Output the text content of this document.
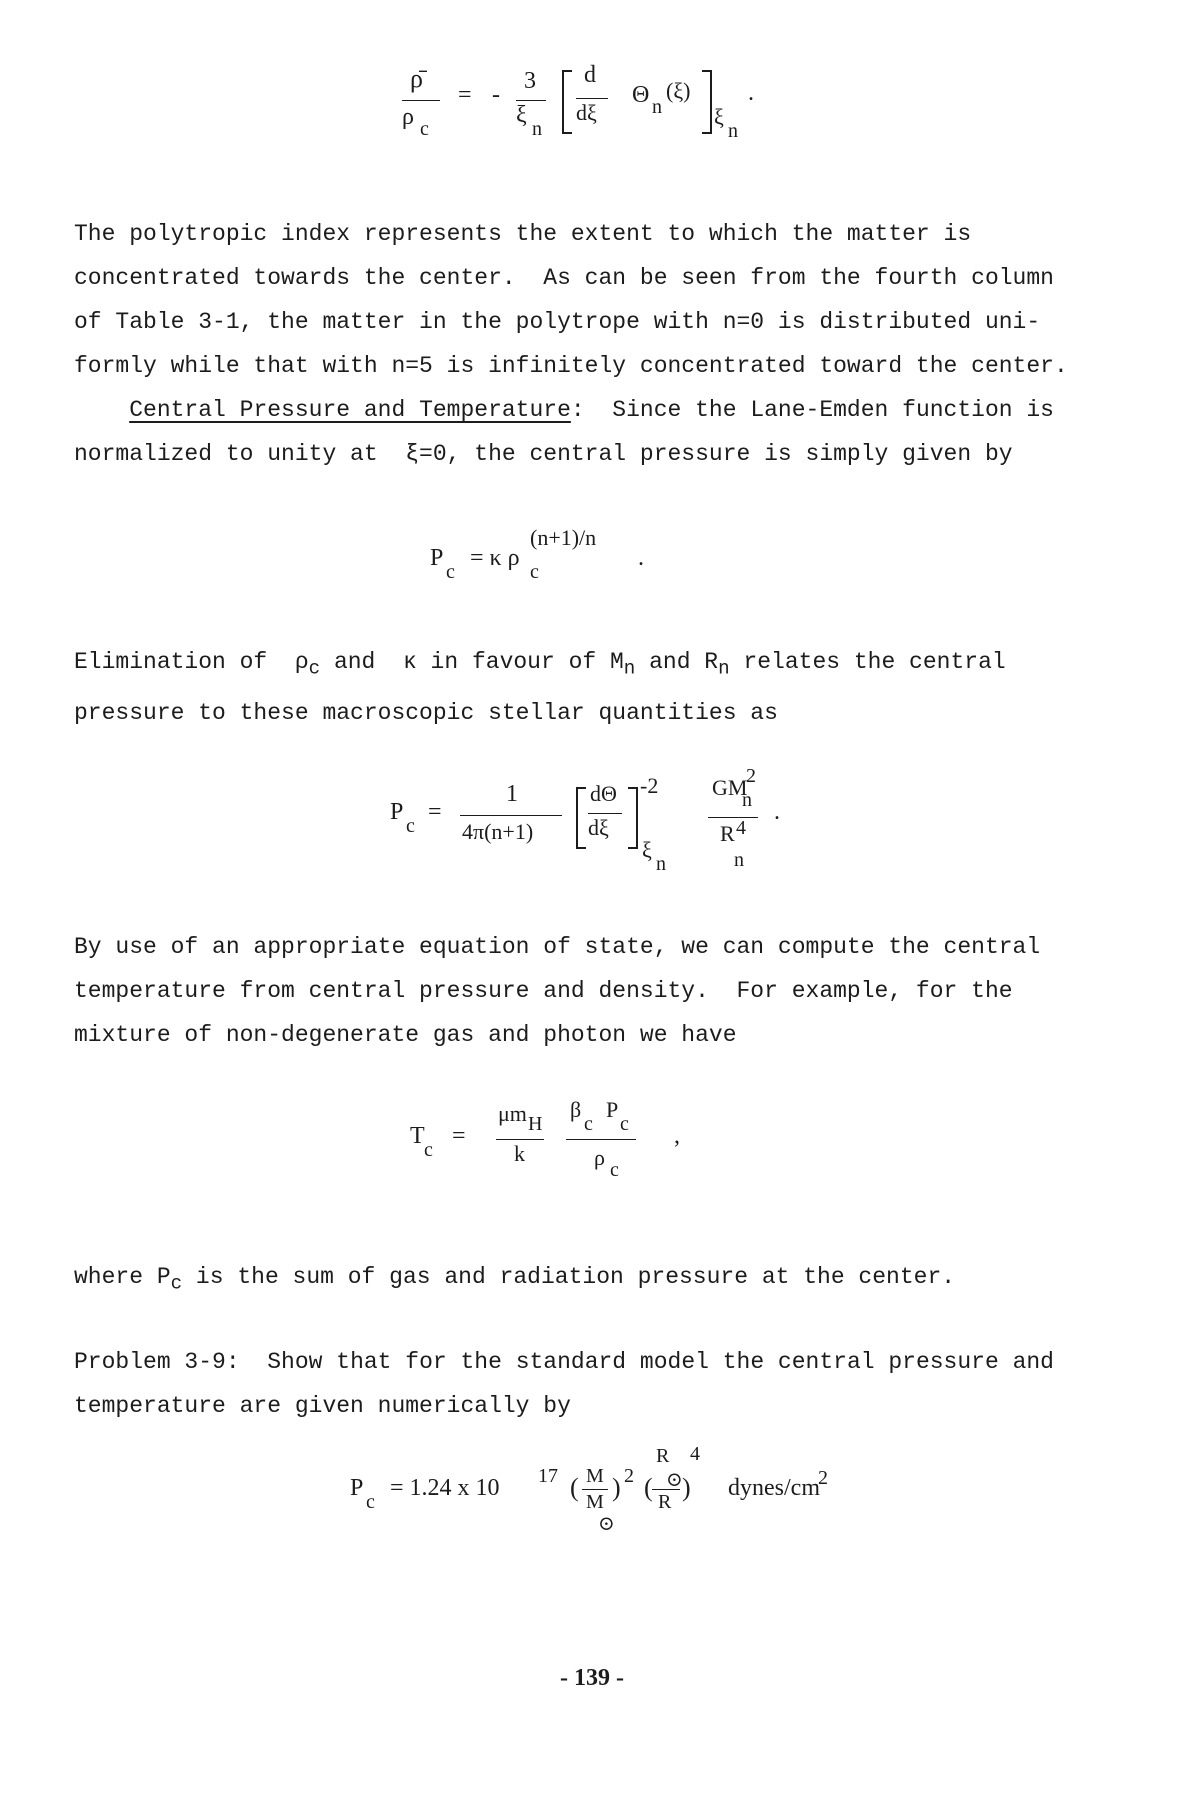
ρ̄
ρ c
= -
3
ξ
n
d
dξ
Θ n
(ξ)
ξ
n
.

The polytropic index represents the extent to which the matter is

concentrated towards the center.  As can be seen from the fourth column

of Table 3-1, the matter in the polytrope with n=0 is distributed uni-

formly while that with n=5 is infinitely concentrated toward the center.

Central Pressure and Temperature:  Since the Lane-Emden function is

normalized to unity at  ξ=0, the central pressure is simply given by

P
c
= κ ρ
c
(n+1)/n
.

Elimination of  $\rho_c$ and  κ in favour of $M_n$ and $R_n$ relates the central

pressure to these macroscopic stellar quantities as

P
c
=
1
4π(n+1)
dΘ
dξ
-2
ξ
n
GM
2
n
R 4
n
.

By use of an appropriate equation of state, we can compute the central

temperature from central pressure and density.  For example, for the

mixture of non-degenerate gas and photon we have

T
c
=
μm H
k
β
c
P
c
ρ c
,

where $P_c$ is the sum of gas and radiation pressure at the center.

Problem 3-9: Show that for the standard model the central pressure and

temperature are given numerically by

P
c
= 1.24 x 10 17 ( M
M
⊙
) 2 (
R
⊙
R )
4
dynes/cm
2
- 139 -
